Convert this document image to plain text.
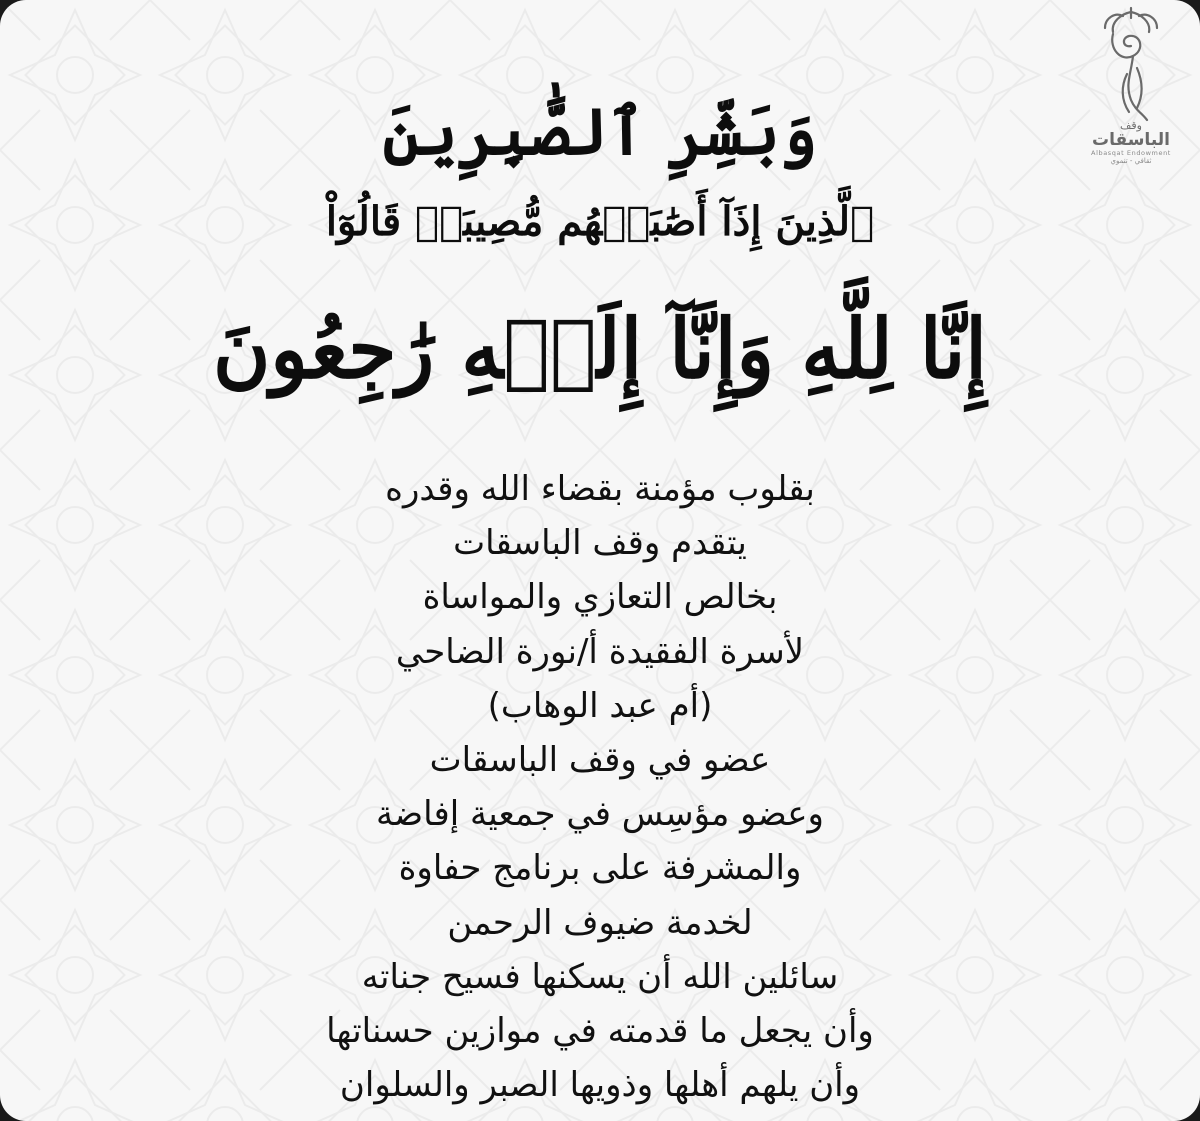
وقف
الباسقات
Albasqat Endowment
ثقافي - تنموي
وَبَشِّرِ ٱلصَّٰبِرِينَ
ٱلَّذِينَ إِذَآ أَصَٰبَتۡهُم مُّصِيبَةٞ قَالُوٓاْ
إِنَّا لِلَّهِ وَإِنَّآ إِلَيۡهِ رَٰجِعُونَ
بقلوب مؤمنة بقضاء الله وقدره
يتقدم وقف الباسقات
بخالص التعازي والمواساة
لأسرة الفقيدة أ/نورة الضاحي
(أم عبد الوهاب)
عضو في وقف الباسقات
وعضو مؤسِس في جمعية إفاضة
والمشرفة على برنامج حفاوة
لخدمة ضيوف الرحمن
سائلين الله أن يسكنها فسيح جناته
وأن يجعل ما قدمته في موازين حسناتها
وأن يلهم أهلها وذويها الصبر والسلوان
